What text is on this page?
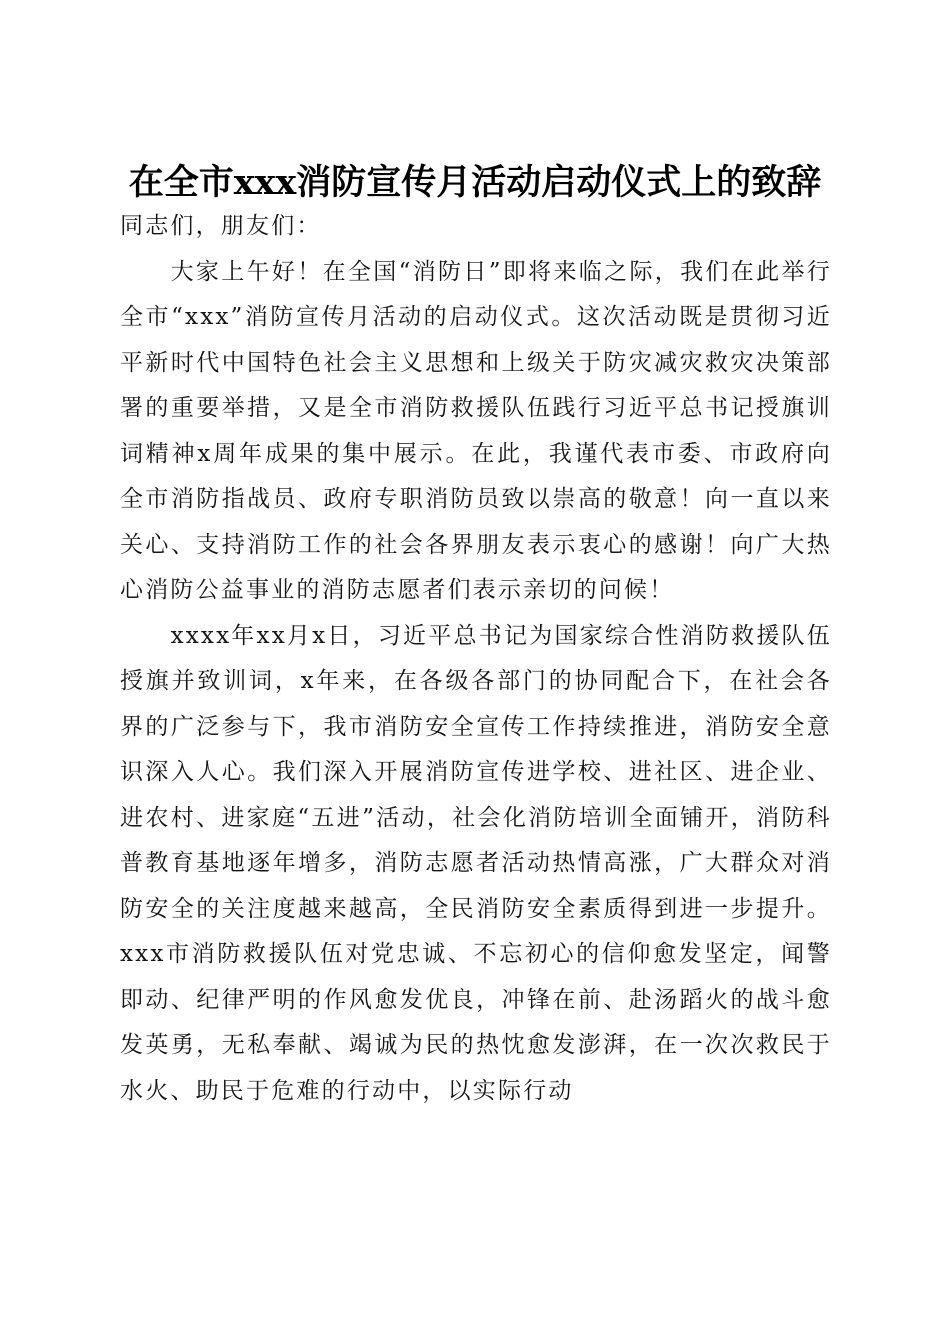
在全市xxx消防宣传月活动启动仪式上的致辞

同志们，朋友们：

大家上午好！在全国“消防日”即将来临之际，我们在此举行全市“xxx”消防宣传月活动的启动仪式。这次活动既是贯彻习近平新时代中国特色社会主义思想和上级关于防灾减灾救灾决策部署的重要举措，又是全市消防救援队伍践行习近平总书记授旗训词精神x周年成果的集中展示。在此，我谨代表市委、市政府向全市消防指战员、政府专职消防员致以崇高的敬意！向一直以来关心、支持消防工作的社会各界朋友表示衷心的感谢！向广大热心消防公益事业的消防志愿者们表示亲切的问候！

xxxx年xx月x日，习近平总书记为国家综合性消防救援队伍授旗并致训词，x年来，在各级各部门的协同配合下，在社会各界的广泛参与下，我市消防安全宣传工作持续推进，消防安全意识深入人心。我们深入开展消防宣传进学校、进社区、进企业、进农村、进家庭“五进”活动，社会化消防培训全面铺开，消防科普教育基地逐年增多，消防志愿者活动热情高涨，广大群众对消防安全的关注度越来越高，全民消防安全素质得到进一步提升。xxx市消防救援队伍对党忠诚、不忘初心的信仰愈发坚定，闻警即动、纪律严明的作风愈发优良，冲锋在前、赴汤蹈火的战斗愈发英勇，无私奉献、竭诚为民的热忱愈发澎湃，在一次次救民于水火、助民于危难的行动中，以实际行动
